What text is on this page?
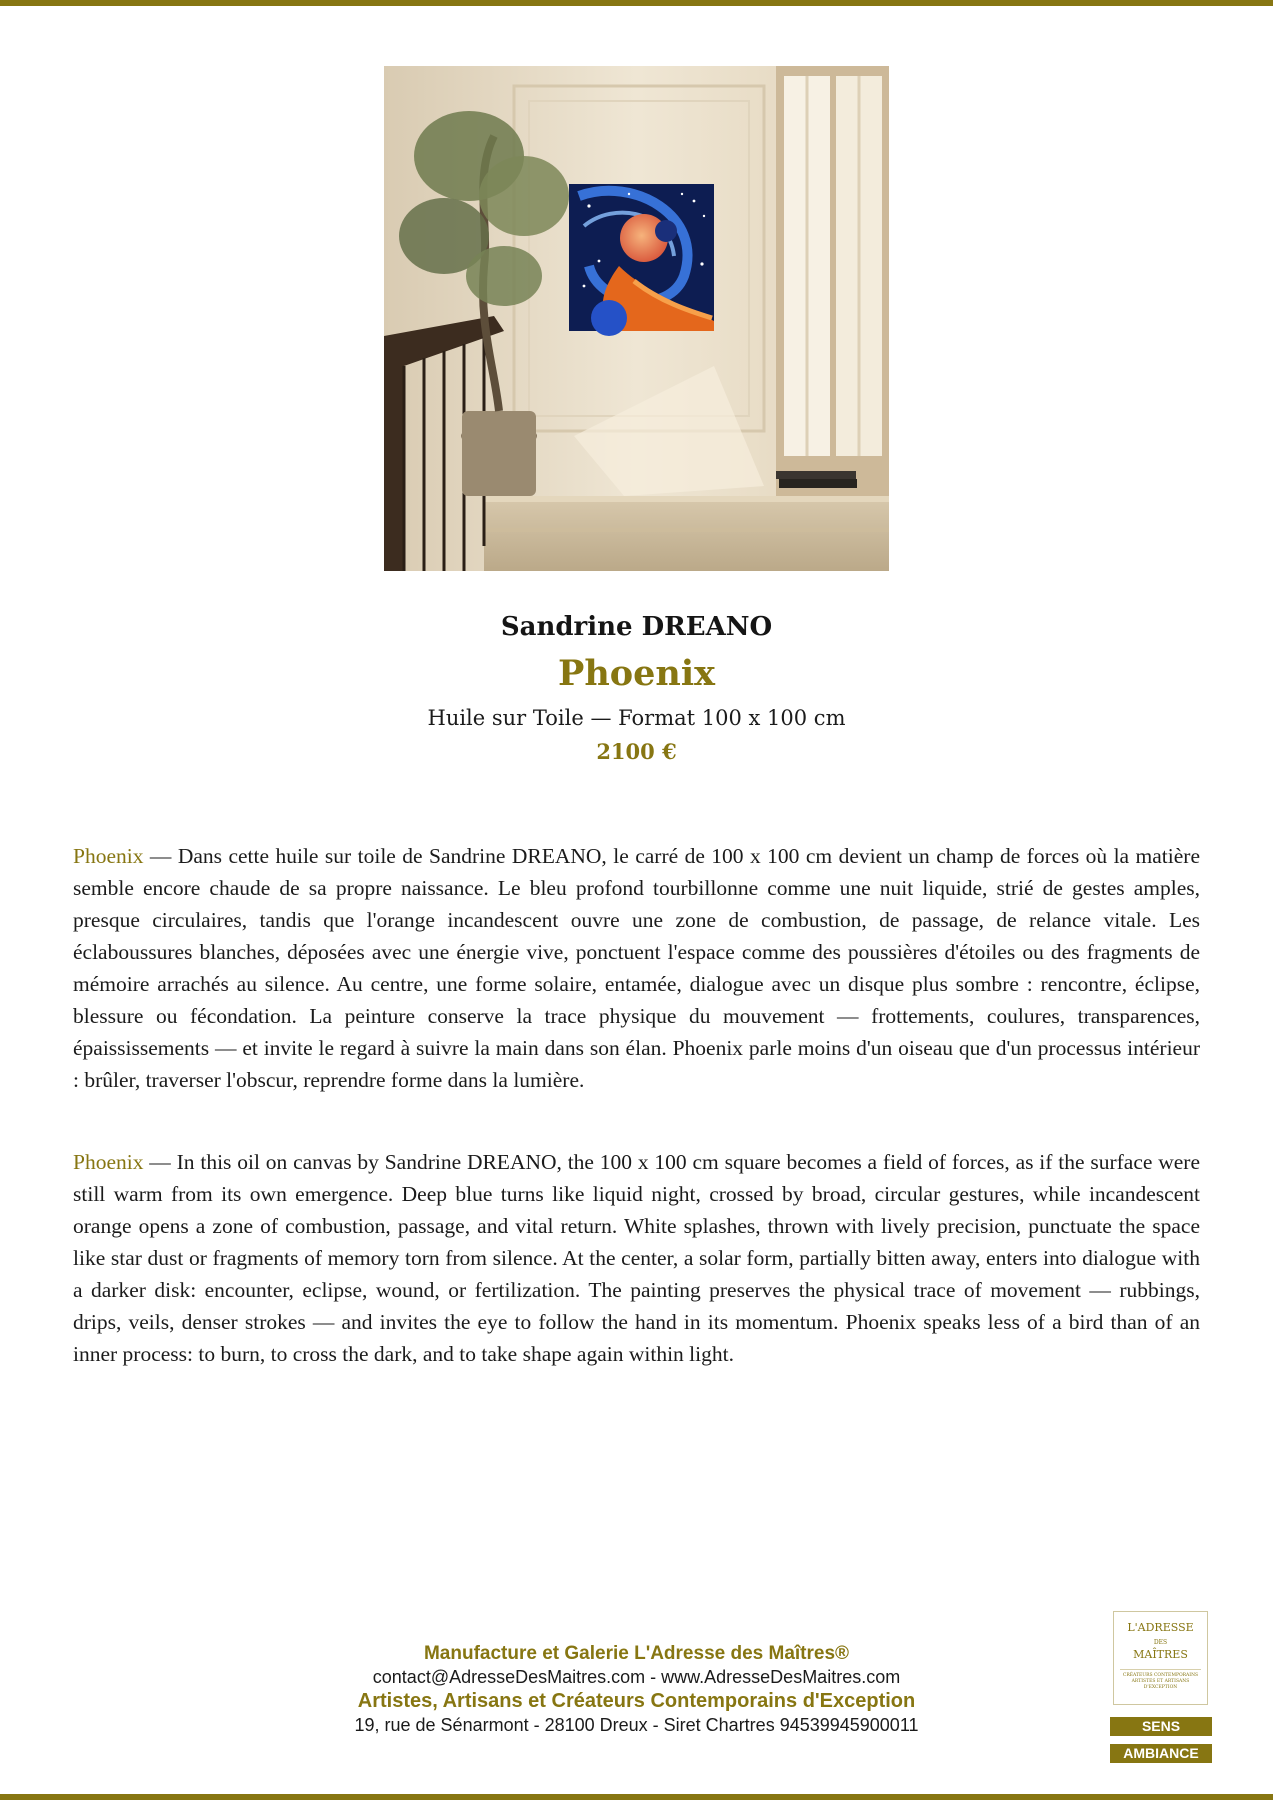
Sandrine DREANO
Phoenix
Huile sur Toile — Format 100 x 100 cm
2100 €

Phoenix — Dans cette huile sur toile de Sandrine DREANO, le carré de 100 x 100 cm devient un champ de forces où la matière semble encore chaude de sa propre naissance. Le bleu profond tourbillonne comme une nuit liquide, strié de gestes amples, presque circulaires, tandis que l'orange incandescent ouvre une zone de combustion, de passage, de relance vitale. Les éclaboussures blanches, déposées avec une énergie vive, ponctuent l'espace comme des poussières d'étoiles ou des fragments de mémoire arrachés au silence. Au centre, une forme solaire, entamée, dialogue avec un disque plus sombre : rencontre, éclipse, blessure ou fécondation. La peinture conserve la trace physique du mouvement — frottements, coulures, transparences, épaississements — et invite le regard à suivre la main dans son élan. Phoenix parle moins d'un oiseau que d'un processus intérieur : brûler, traverser l'obscur, reprendre forme dans la lumière.

Phoenix — In this oil on canvas by Sandrine DREANO, the 100 x 100 cm square becomes a field of forces, as if the surface were still warm from its own emergence. Deep blue turns like liquid night, crossed by broad, circular gestures, while incandescent orange opens a zone of combustion, passage, and vital return. White splashes, thrown with lively precision, punctuate the space like star dust or fragments of memory torn from silence. At the center, a solar form, partially bitten away, enters into dialogue with a darker disk: encounter, eclipse, wound, or fertilization. The painting preserves the physical trace of movement — rubbings, drips, veils, denser strokes — and invites the eye to follow the hand in its momentum. Phoenix speaks less of a bird than of an inner process: to burn, to cross the dark, and to take shape again within light.

Manufacture et Galerie L'Adresse des Maîtres®
contact@AdresseDesMaitres.com - www.AdresseDesMaitres.com
Artistes, Artisans et Créateurs Contemporains d'Exception
19, rue de Sénarmont - 28100 Dreux - Siret Chartres 94539945900011
L'ADRESSE
DES
MAÎTRES
CRÉATEURS CONTEMPORAINS ARTISTES ET ARTISANS D'EXCEPTION
SENS
AMBIANCE
